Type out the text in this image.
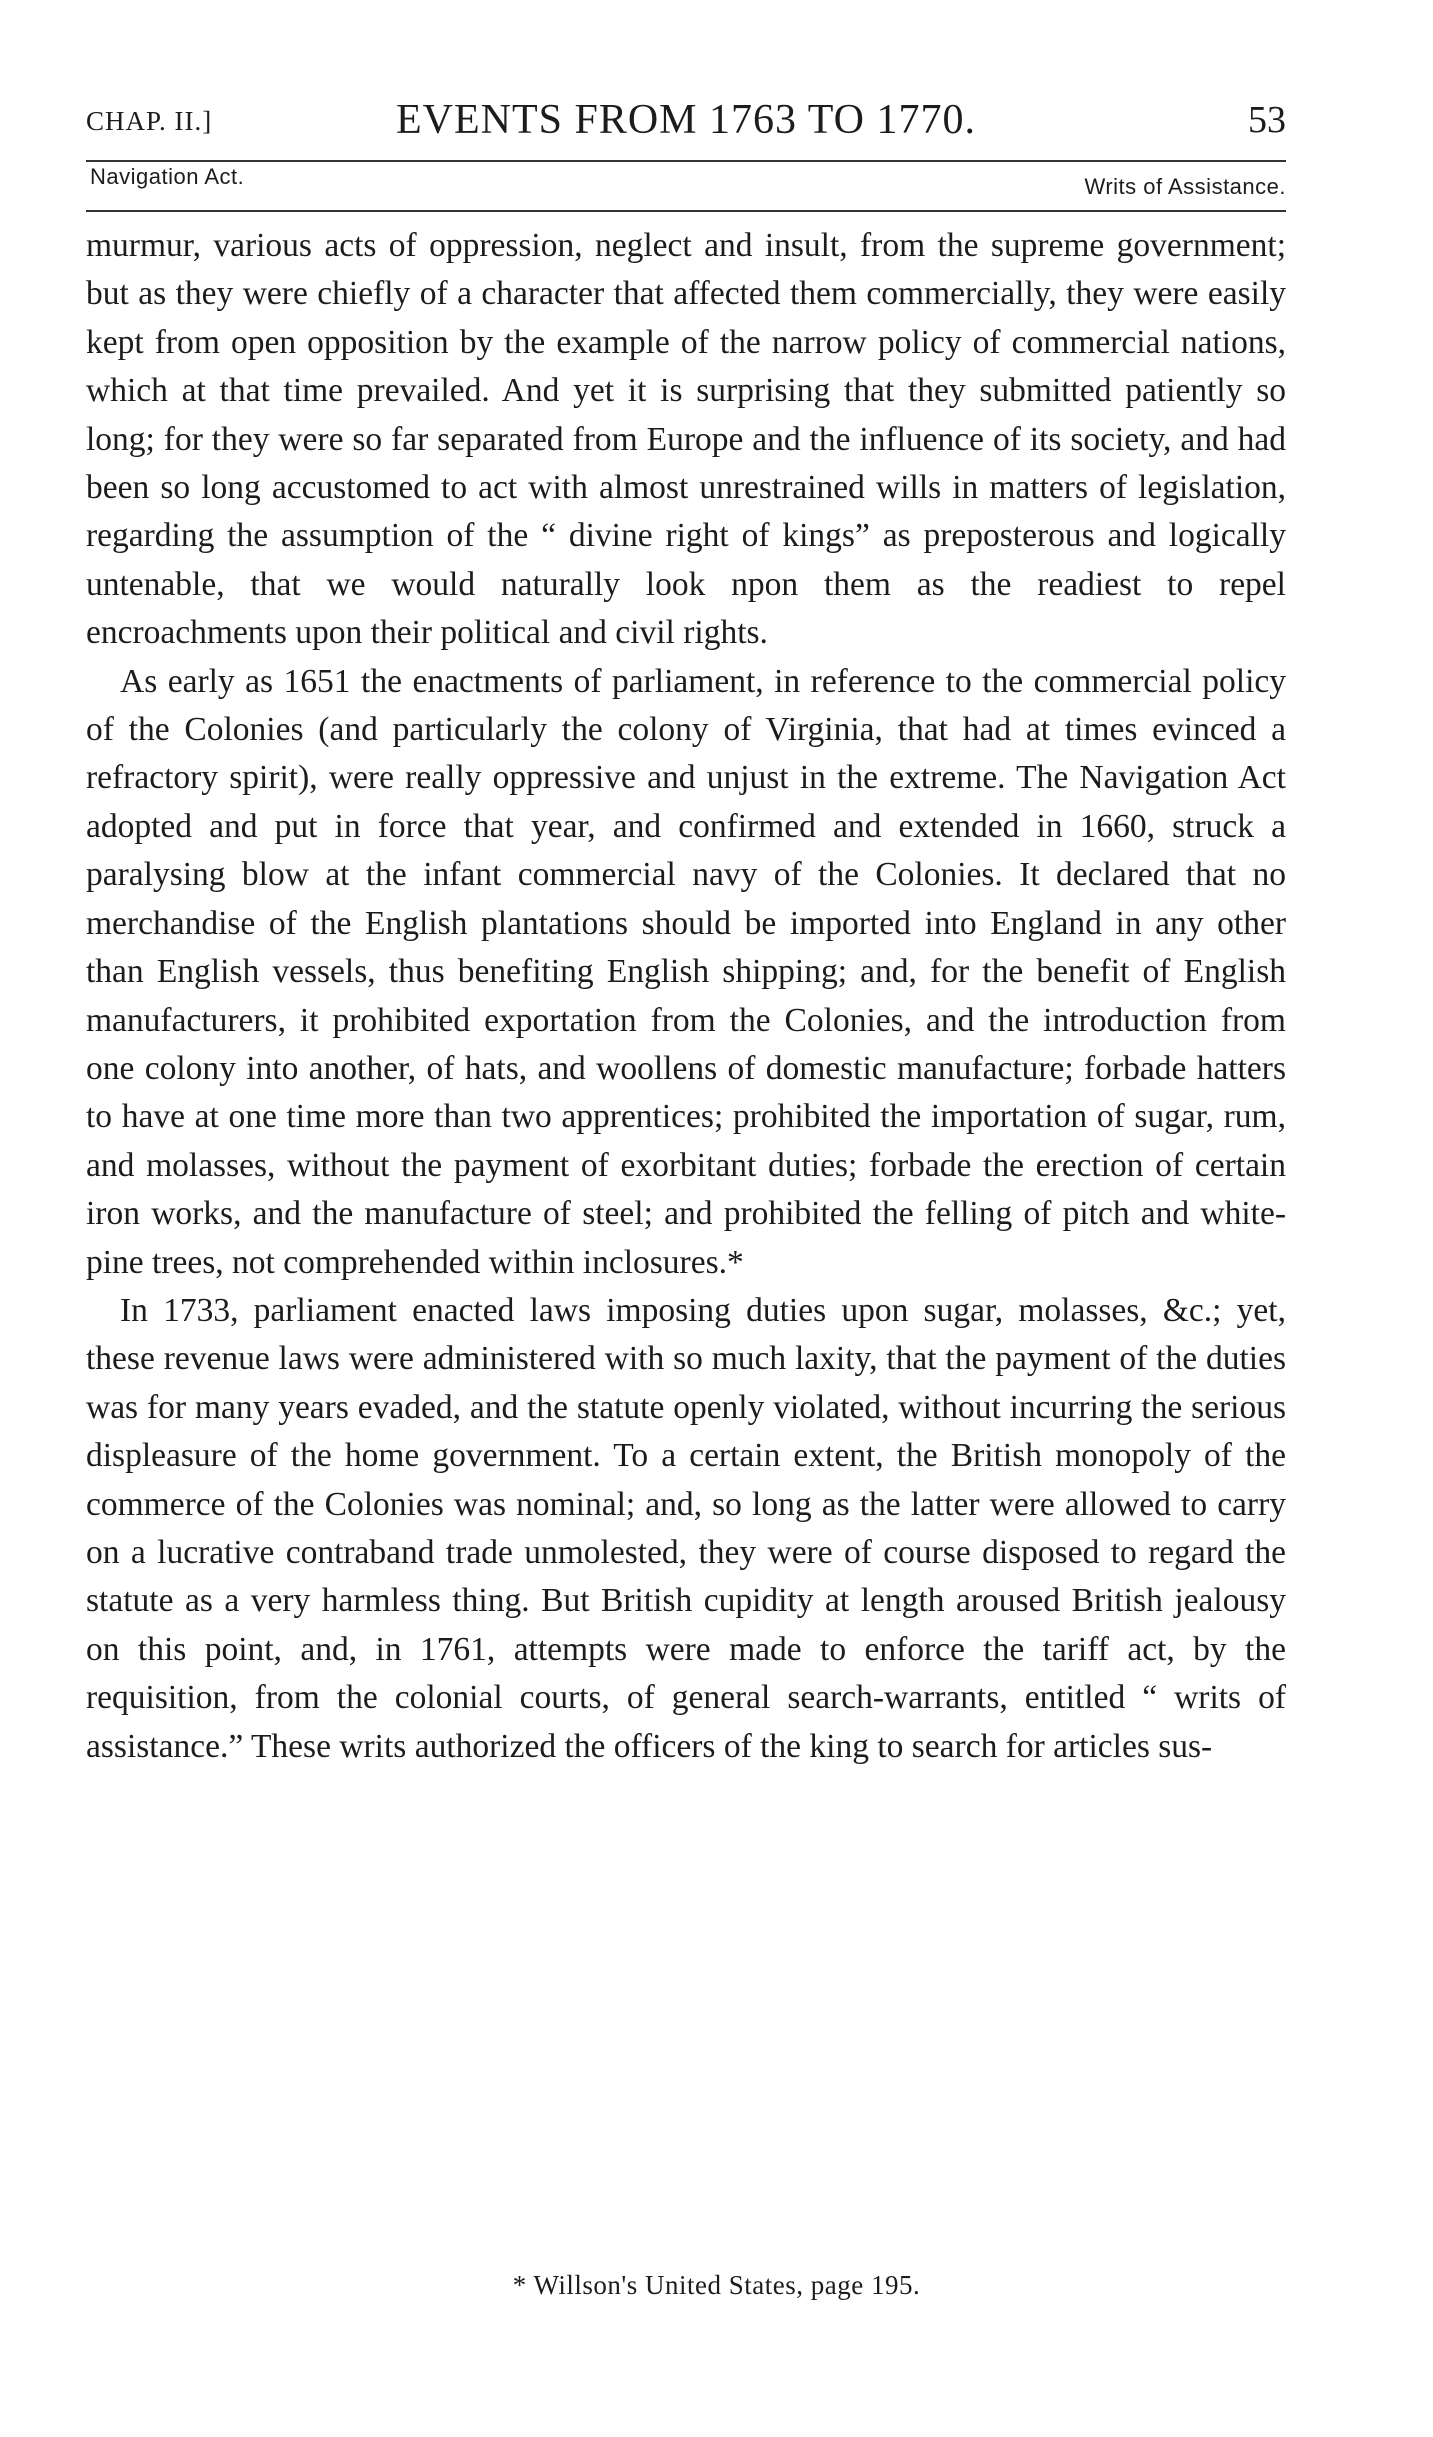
CHAP. II.]	EVENTS FROM 1763 TO 1770.	53
Navigation Act.	Writs of Assistance.

murmur, various acts of oppression, neglect and insult, from the supreme government; but as they were chiefly of a character that affected them commercially, they were easily kept from open opposition by the example of the narrow policy of commercial nations, which at that time prevailed. And yet it is surprising that they submitted patiently so long; for they were so far separated from Europe and the influence of its society, and had been so long accustomed to act with almost unrestrained wills in matters of legislation, regarding the assumption of the “ divine right of kings” as preposterous and logically untenable, that we would naturally look npon them as the readiest to repel encroachments upon their political and civil rights.

As early as 1651 the enactments of parliament, in reference to the commercial policy of the Colonies (and particularly the colony of Virginia, that had at times evinced a refractory spirit), were really oppressive and unjust in the extreme. The Navigation Act adopted and put in force that year, and confirmed and extended in 1660, struck a paralysing blow at the infant commercial navy of the Colonies. It declared that no merchandise of the English plantations should be imported into England in any other than English vessels, thus benefiting English shipping; and, for the benefit of English manufacturers, it prohibited exportation from the Colonies, and the introduction from one colony into another, of hats, and woollens of domestic manufacture; forbade hatters to have at one time more than two apprentices; prohibited the importation of sugar, rum, and molasses, without the payment of exorbitant duties; forbade the erection of certain iron works, and the manufacture of steel; and prohibited the felling of pitch and white-pine trees, not comprehended within inclosures.*

In 1733, parliament enacted laws imposing duties upon sugar, molasses, &c.; yet, these revenue laws were administered with so much laxity, that the payment of the duties was for many years evaded, and the statute openly violated, without incurring the serious displeasure of the home government. To a certain extent, the British monopoly of the commerce of the Colonies was nominal; and, so long as the latter were allowed to carry on a lucrative contraband trade unmolested, they were of course disposed to regard the statute as a very harmless thing. But British cupidity at length aroused British jealousy on this point, and, in 1761, attempts were made to enforce the tariff act, by the requisition, from the colonial courts, of general search-warrants, entitled “ writs of assistance.” These writs authorized the officers of the king to search for articles sus-

* Willson's United States, page 195.
